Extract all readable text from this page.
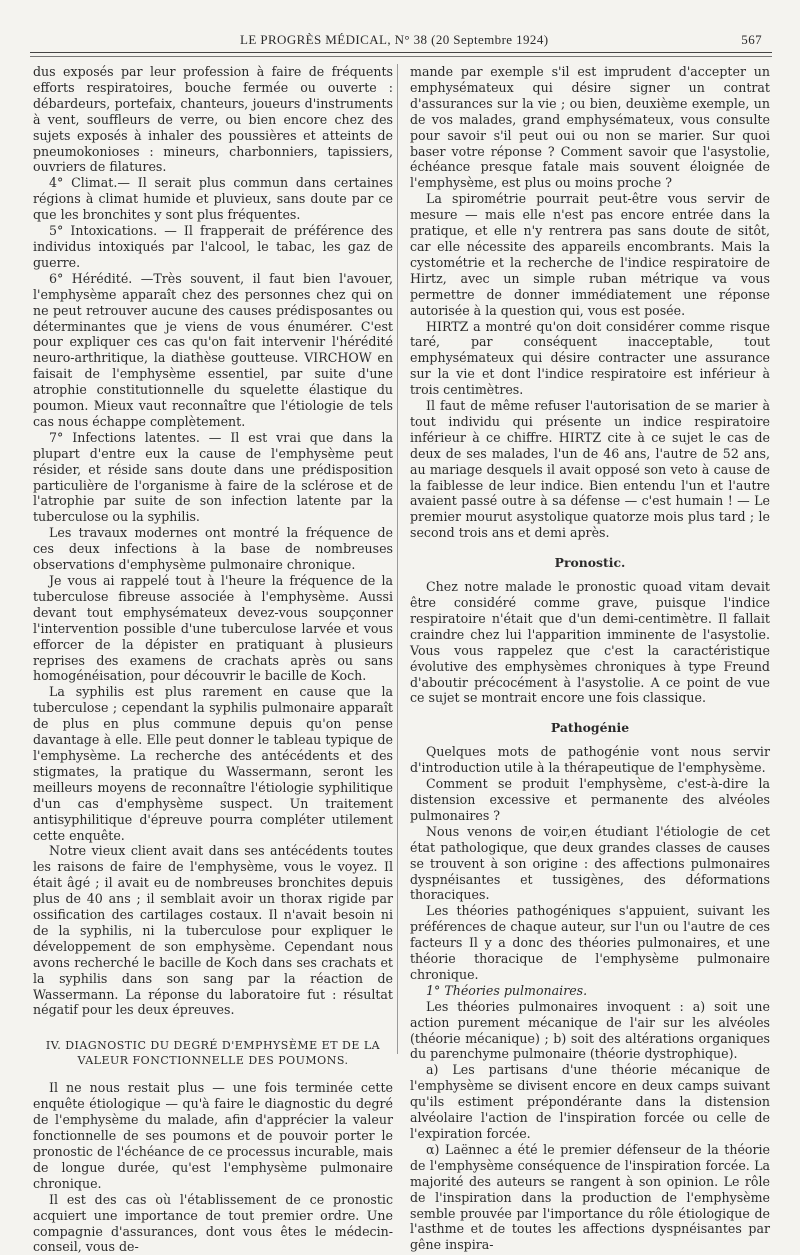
LE PROGRÈS MÉDICAL, N° 38 (20 Septembre 1924)	567

dus exposés par leur profession à faire de fréquents efforts respiratoires, bouche fermée ou ouverte : débardeurs, portefaix, chanteurs, joueurs d'instruments à vent, souffleurs de verre, ou bien encore chez des sujets exposés à inhaler des poussières et atteints de pneumokonioses : mineurs, charbonniers, tapissiers, ouvriers de filatures.

4° Climat.— Il serait plus commun dans certaines régions à climat humide et pluvieux, sans doute par ce que les bronchites y sont plus fréquentes.

5° Intoxications. — Il frapperait de préférence des individus intoxiqués par l'alcool, le tabac, les gaz de guerre.

6° Hérédité. —Très souvent, il faut bien l'avouer, l'emphysème apparaît chez des personnes chez qui on ne peut retrouver aucune des causes prédisposantes ou déterminantes que je viens de vous énumérer. C'est pour expliquer ces cas qu'on fait intervenir l'hérédité neuro-arthritique, la diathèse goutteuse. VIRCHOW en faisait de l'emphysème essentiel, par suite d'une atrophie constitutionnelle du squelette élastique du poumon. Mieux vaut reconnaître que l'étiologie de tels cas nous échappe complètement.

7° Infections latentes. — Il est vrai que dans la plupart d'entre eux la cause de l'emphysème peut résider, et réside sans doute dans une prédisposition particulière de l'organisme à faire de la sclérose et de l'atrophie par suite de son infection latente par la tuberculose ou la syphilis.

Les travaux modernes ont montré la fréquence de ces deux infections à la base de nombreuses observations d'emphysème pulmonaire chronique.

Je vous ai rappelé tout à l'heure la fréquence de la tuberculose fibreuse associée à l'emphysème. Aussi devant tout emphysémateux devez-vous soupçonner l'intervention possible d'une tuberculose larvée et vous efforcer de la dépister en pratiquant à plusieurs reprises des examens de crachats après ou sans homogénéisation, pour découvrir le bacille de Koch.

La syphilis est plus rarement en cause que la tuberculose ; cependant la syphilis pulmonaire apparaît de plus en plus commune depuis qu'on pense davantage à elle. Elle peut donner le tableau typique de l'emphysème. La recherche des antécédents et des stigmates, la pratique du Wassermann, seront les meilleurs moyens de reconnaître l'étiologie syphilitique d'un cas d'emphysème suspect. Un traitement antisyphilitique d'épreuve pourra compléter utilement cette enquête.

Notre vieux client avait dans ses antécédents toutes les raisons de faire de l'emphysème, vous le voyez. Il était âgé ; il avait eu de nombreuses bronchites depuis plus de 40 ans ; il semblait avoir un thorax rigide par ossification des cartilages costaux. Il n'avait besoin ni de la syphilis, ni la tuberculose pour expliquer le développement de son emphysème. Cependant nous avons recherché le bacille de Koch dans ses crachats et la syphilis dans son sang par la réaction de Wassermann. La réponse du laboratoire fut : résultat négatif pour les deux épreuves.

IV. DIAGNOSTIC DU DEGRÉ D'EMPHYSÈME ET DE LA VALEUR FONCTIONNELLE DES POUMONS.

Il ne nous restait plus — une fois terminée cette enquête étiologique — qu'à faire le diagnostic du degré de l'emphysème du malade, afin d'apprécier la valeur fonctionnelle de ses poumons et de pouvoir porter le pronostic de l'échéance de ce processus incurable, mais de longue durée, qu'est l'emphysème pulmonaire chronique.

Il est des cas où l'établissement de ce pronostic acquiert une importance de tout premier ordre. Une compagnie d'assurances, dont vous êtes le médecin-conseil, vous de-

mande par exemple s'il est imprudent d'accepter un emphysémateux qui désire signer un contrat d'assurances sur la vie ; ou bien, deuxième exemple, un de vos malades, grand emphysémateux, vous consulte pour savoir s'il peut oui ou non se marier. Sur quoi baser votre réponse ? Comment savoir que l'asystolie, échéance presque fatale mais souvent éloignée de l'emphysème, est plus ou moins proche ?

La spirométrie pourrait peut-être vous servir de mesure — mais elle n'est pas encore entrée dans la pratique, et elle n'y rentrera pas sans doute de sitôt, car elle nécessite des appareils encombrants. Mais la cystométrie et la recherche de l'indice respiratoire de Hirtz, avec un simple ruban métrique va vous permettre de donner immédiatement une réponse autorisée à la question qui, vous est posée.

HIRTZ a montré qu'on doit considérer comme risque taré, par conséquent inacceptable, tout emphysémateux qui désire contracter une assurance sur la vie et dont l'indice respiratoire est inférieur à trois centimètres.

Il faut de même refuser l'autorisation de se marier à tout individu qui présente un indice respiratoire inférieur à ce chiffre. HIRTZ cite à ce sujet le cas de deux de ses malades, l'un de 46 ans, l'autre de 52 ans, au mariage desquels il avait opposé son veto à cause de la faiblesse de leur indice. Bien entendu l'un et l'autre avaient passé outre à sa défense — c'est humain ! — Le premier mourut asystolique quatorze mois plus tard ; le second trois ans et demi après.

Pronostic.

Chez notre malade le pronostic quoad vitam devait être considéré comme grave, puisque l'indice respiratoire n'était que d'un demi-centimètre. Il fallait craindre chez lui l'apparition imminente de l'asystolie. Vous vous rappelez que c'est la caractéristique évolutive des emphysèmes chroniques à type Freund d'aboutir précocément à l'asystolie. A ce point de vue ce sujet se montrait encore une fois classique.

Pathogénie

Quelques mots de pathogénie vont nous servir d'introduction utile à la thérapeutique de l'emphysème.

Comment se produit l'emphysème, c'est-à-dire la distension excessive et permanente des alvéoles pulmonaires ?

Nous venons de voir,en étudiant l'étiologie de cet état pathologique, que deux grandes classes de causes se trouvent à son origine : des affections pulmonaires dyspnéisantes et tussigènes, des déformations thoraciques.

Les théories pathogéniques s'appuient, suivant les préférences de chaque auteur, sur l'un ou l'autre de ces facteurs Il y a donc des théories pulmonaires, et une théorie thoracique de l'emphysème pulmonaire chronique.

1° Théories pulmonaires.

Les théories pulmonaires invoquent : a) soit une action purement mécanique de l'air sur les alvéoles (théorie mécanique) ; b) soit des altérations organiques du parenchyme pulmonaire (théorie dystrophique).

a) Les partisans d'une théorie mécanique de l'emphysème se divisent encore en deux camps suivant qu'ils estiment prépondérante dans la distension alvéolaire l'action de l'inspiration forcée ou celle de l'expiration forcée.

α) Laënnec a été le premier défenseur de la théorie de l'emphysème conséquence de l'inspiration forcée. La majorité des auteurs se rangent à son opinion. Le rôle de l'inspiration dans la production de l'emphysème semble prouvée par l'importance du rôle étiologique de l'asthme et de toutes les affections dyspnéisantes par gêne inspira-
